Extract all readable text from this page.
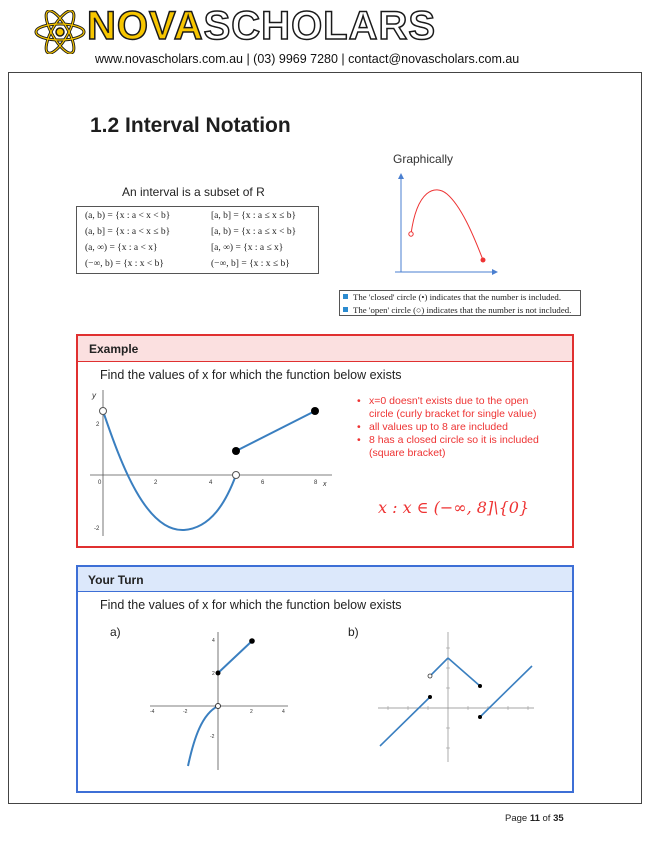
NOVASCHOLARS
www.novascholars.com.au | (03) 9969 7280 | contact@novascholars.com.au
1.2 Interval Notation
Graphically
An interval is a subset of R
(a, b) = {x : a < x < b}	[a, b] = {x : a ≤ x ≤ b}
(a, b] = {x : a < x ≤ b}	[a, b) = {x : a ≤ x < b}
(a, ∞) = {x : a < x}	[a, ∞) = {x : a ≤ x}
(−∞, b) = {x : x < b}	(−∞, b] = {x : x ≤ b}
The 'closed' circle (•) indicates that the number is included.
The 'open' circle (○) indicates that the number is not included.
Example
Find the values of x for which the function below exists
y
x
0	2	4	6	8
2
-2
• x=0 doesn't exists due to the open circle (curly bracket for single value)
• all values up to 8 are included
• 8 has a closed circle so it is included (square bracket)
x : x ∈ (−∞, 8]\{0}
Your Turn
Find the values of x for which the function below exists
a)	b)
-4	-2	2	4
4
2
-2
Page 11 of 35
